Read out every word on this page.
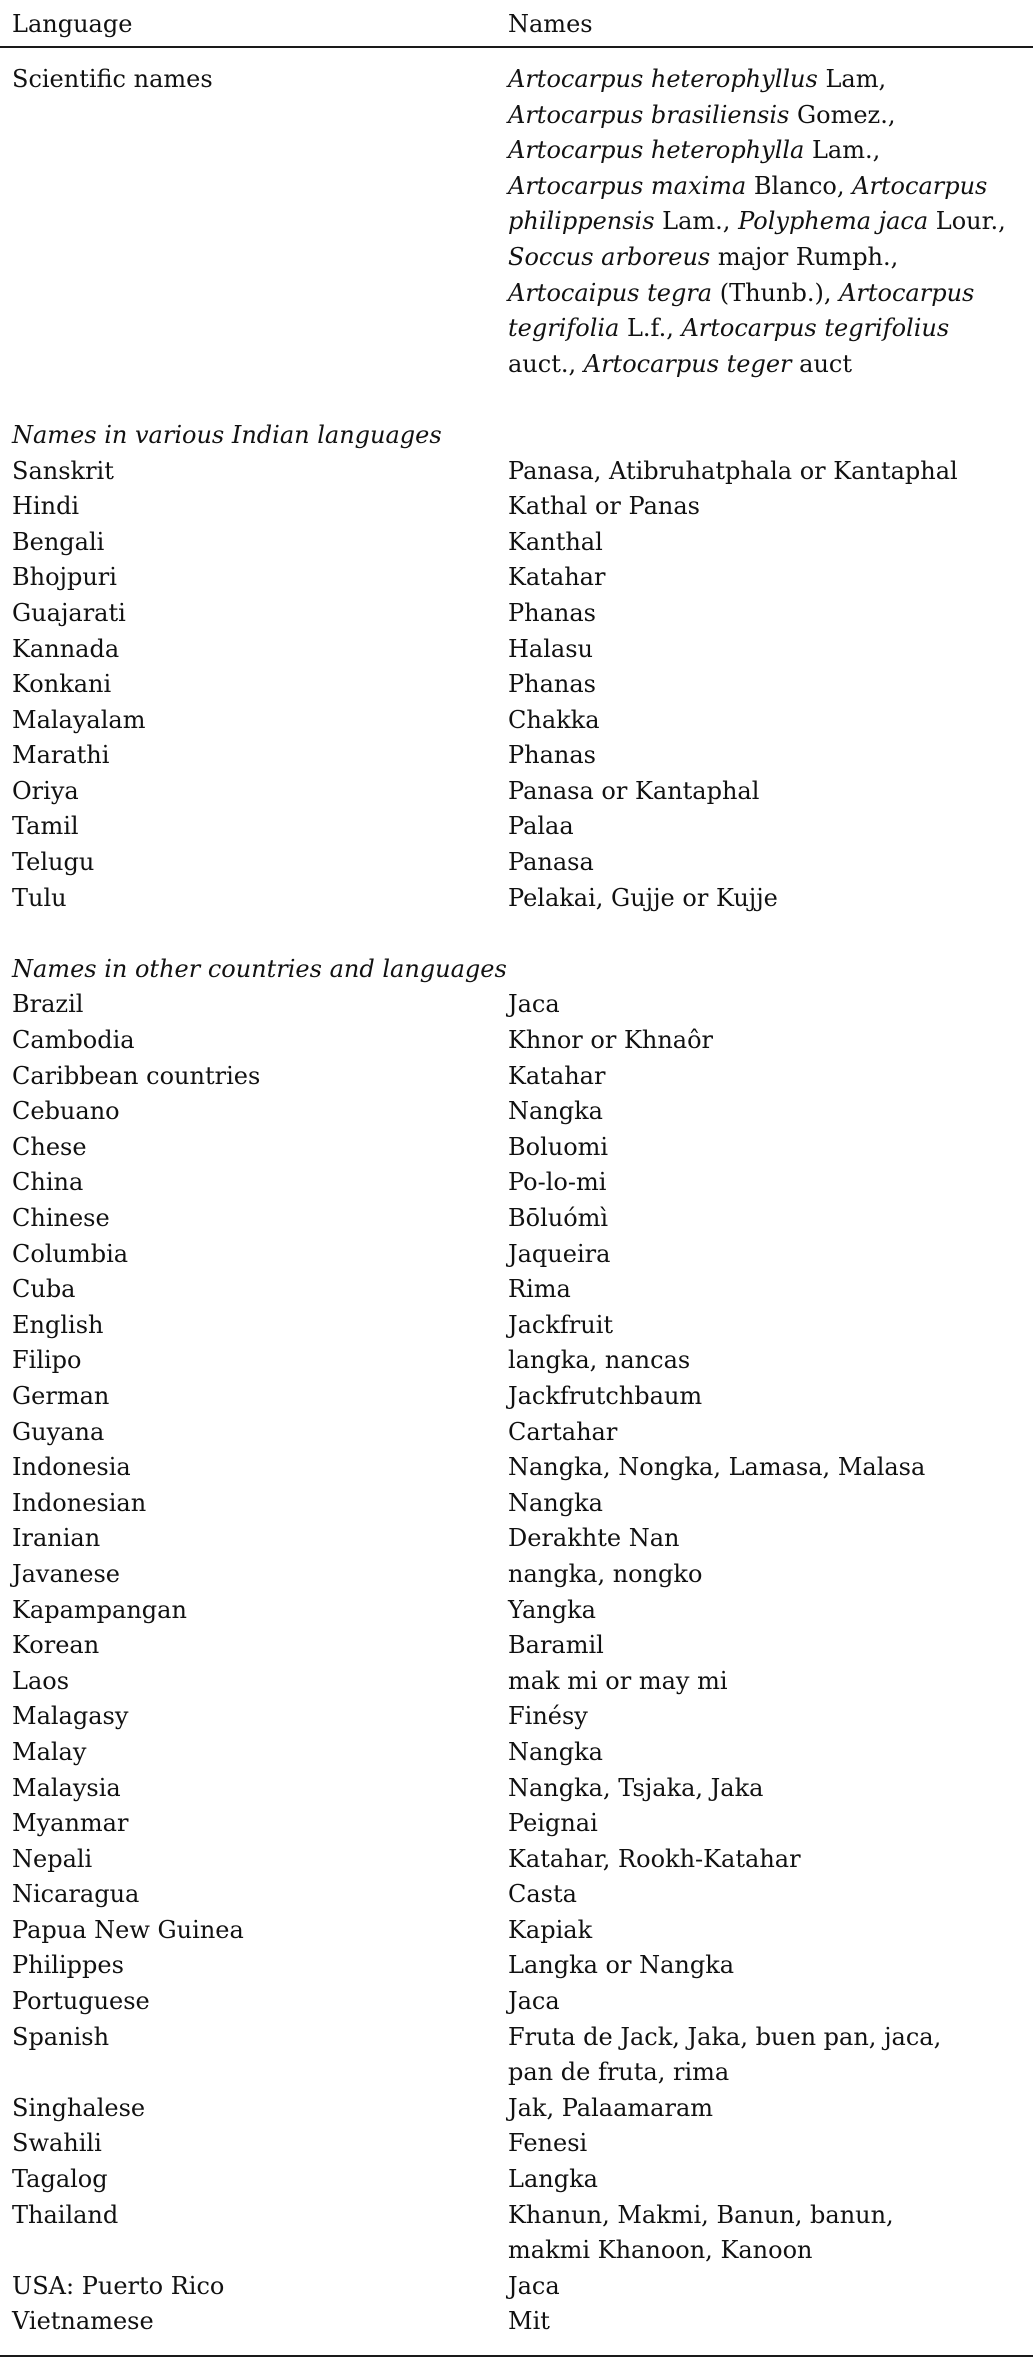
Language	Names
Scientific names	Artocarpus heterophyllus Lam, Artocarpus brasiliensis Gomez., Artocarpus heterophylla Lam., Artocarpus maxima Blanco, Artocarpus philippensis Lam., Polyphema jaca Lour., Soccus arboreus major Rumph., Artocaipus tegra (Thunb.), Artocarpus tegrifolia L.f., Artocarpus tegrifolius auct., Artocarpus teger auct
Names in various Indian languages
Sanskrit	Panasa, Atibruhatphala or Kantaphal
Hindi	Kathal or Panas
Bengali	Kanthal
Bhojpuri	Katahar
Guajarati	Phanas
Kannada	Halasu
Konkani	Phanas
Malayalam	Chakka
Marathi	Phanas
Oriya	Panasa or Kantaphal
Tamil	Palaa
Telugu	Panasa
Tulu	Pelakai, Gujje or Kujje
Names in other countries and languages
Brazil	Jaca
Cambodia	Khnor or Khnaôr
Caribbean countries	Katahar
Cebuano	Nangka
Chese	Boluomi
China	Po-lo-mi
Chinese	Bōluómì
Columbia	Jaqueira
Cuba	Rima
English	Jackfruit
Filipo	langka, nancas
German	Jackfrutchbaum
Guyana	Cartahar
Indonesia	Nangka, Nongka, Lamasa, Malasa
Indonesian	Nangka
Iranian	Derakhte Nan
Javanese	nangka, nongko
Kapampangan	Yangka
Korean	Baramil
Laos	mak mi or may mi
Malagasy	Finésy
Malay	Nangka
Malaysia	Nangka, Tsjaka, Jaka
Myanmar	Peignai
Nepali	Katahar, Rookh-Katahar
Nicaragua	Casta
Papua New Guinea	Kapiak
Philippes	Langka or Nangka
Portuguese	Jaca
Spanish	Fruta de Jack, Jaka, buen pan, jaca,
pan de fruta, rima
Singhalese	Jak, Palaamaram
Swahili	Fenesi
Tagalog	Langka
Thailand	Khanun, Makmi, Banun, banun,
makmi Khanoon, Kanoon
USA: Puerto Rico	Jaca
Vietnamese	Mit
